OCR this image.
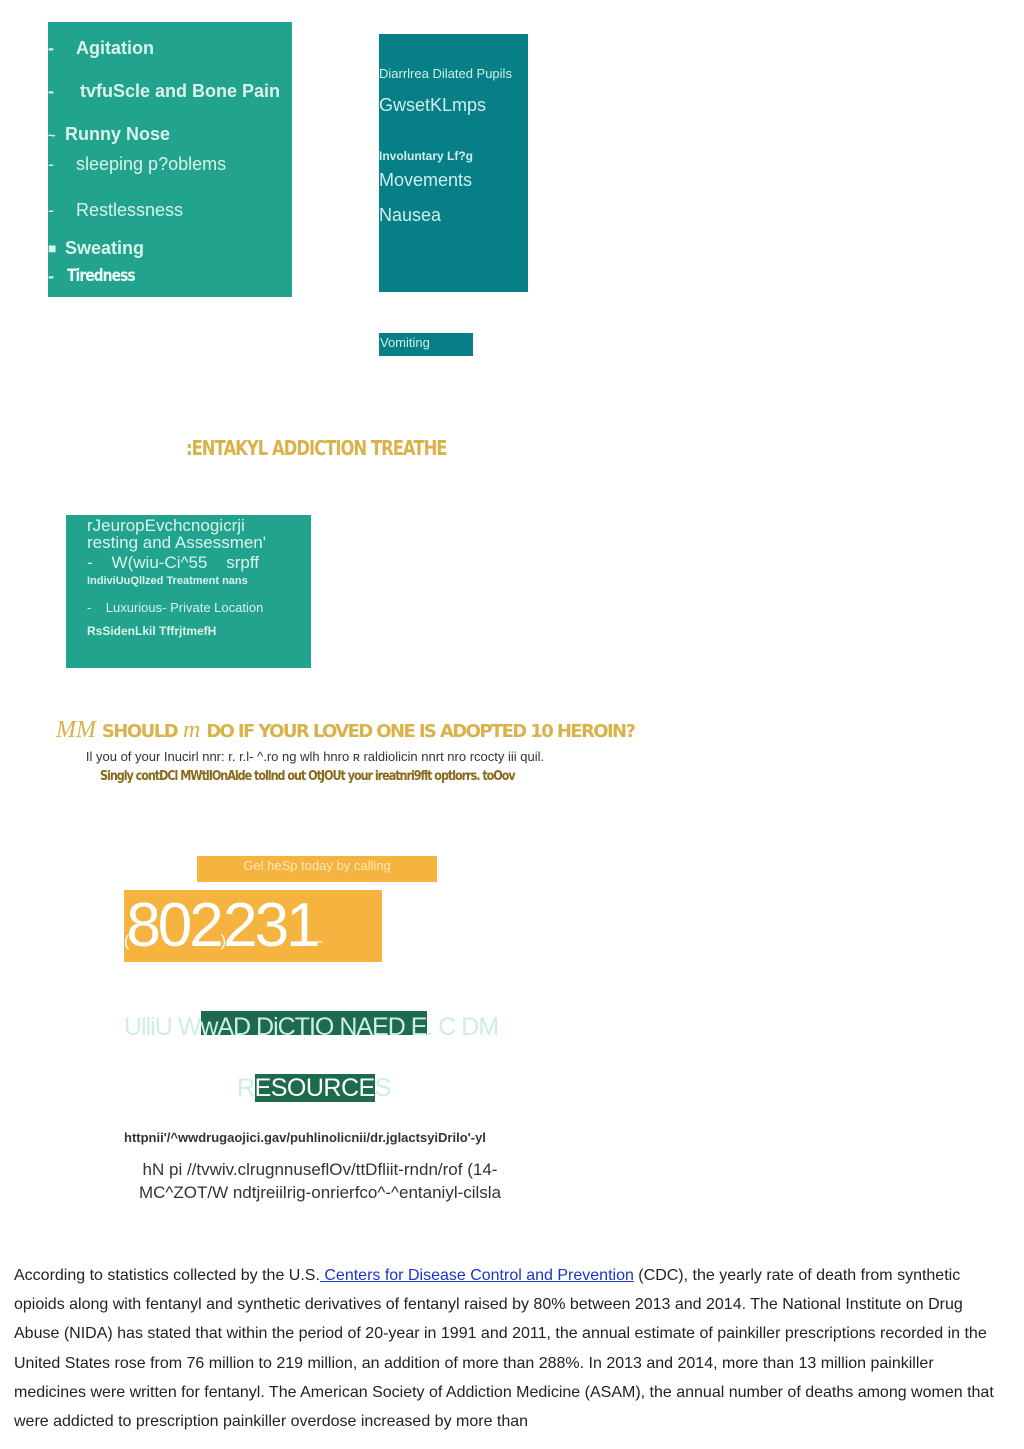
- Agitation
- tvfuScle and Bone Pain
~ Runny Nose
- sleeping p?oblems
- Restlessness
■ Sweating
- Tiredness
Diarrlrea Dilated Pupils
GwsetKLmps
Involuntary Lf?g
Movements
Nausea
Vomiting
:ENTAKYL ADDICTION TREATHE
rJeuropEvchcnogicrji
resting and Assessmen'
-    W(wiu-Ci^55    srpff
IndiviUuQllzed Treatment nans
-    Luxurious- Private Location
RsSidenLkil TffrjtmefH
MM SHOULD m DO IF YOUR LOVED ONE IS ADOPTED 10 HEROIN?
Il you of your Inucirl nnr: r. r.l- ^.ro ng wlh hnro ʀ raldiolicin nnrt nro rcocty iii quil.
Singly contDCl MWtlIOnAlde tollnd out OtJOUt your ireatnri9flt optlorrs. toOov
Gel heSp today by calling
(802)231-
UlliU WwAD DiCTIO NAED E. C DM
RESOURCES
httpnii'/^wwdrugaojici.gav/puhlinolicnii/dr.jglactsyiDrilo'-yl
hN pi //tvwiv.clrugnnuseflOv/ttDfliit-rndn/rof (14-
MC^ZOT/W ndtjreiilrig-onrierfco^-^entaniyl-cilsla
According to statistics collected by the U.S. Centers for Disease Control and Prevention (CDC), the yearly rate of death from synthetic opioids along with fentanyl and synthetic derivatives of fentanyl raised by 80% between 2013 and 2014. The National Institute on Drug Abuse (NIDA) has stated that within the period of 20-year in 1991 and 2011, the annual estimate of painkiller prescriptions recorded in the United States rose from 76 million to 219 million, an addition of more than 288%. In 2013 and 2014, more than 13 million painkiller medicines were written for fentanyl. The American Society of Addiction Medicine (ASAM), the annual number of deaths among women that were addicted to prescription painkiller overdose increased by more than
